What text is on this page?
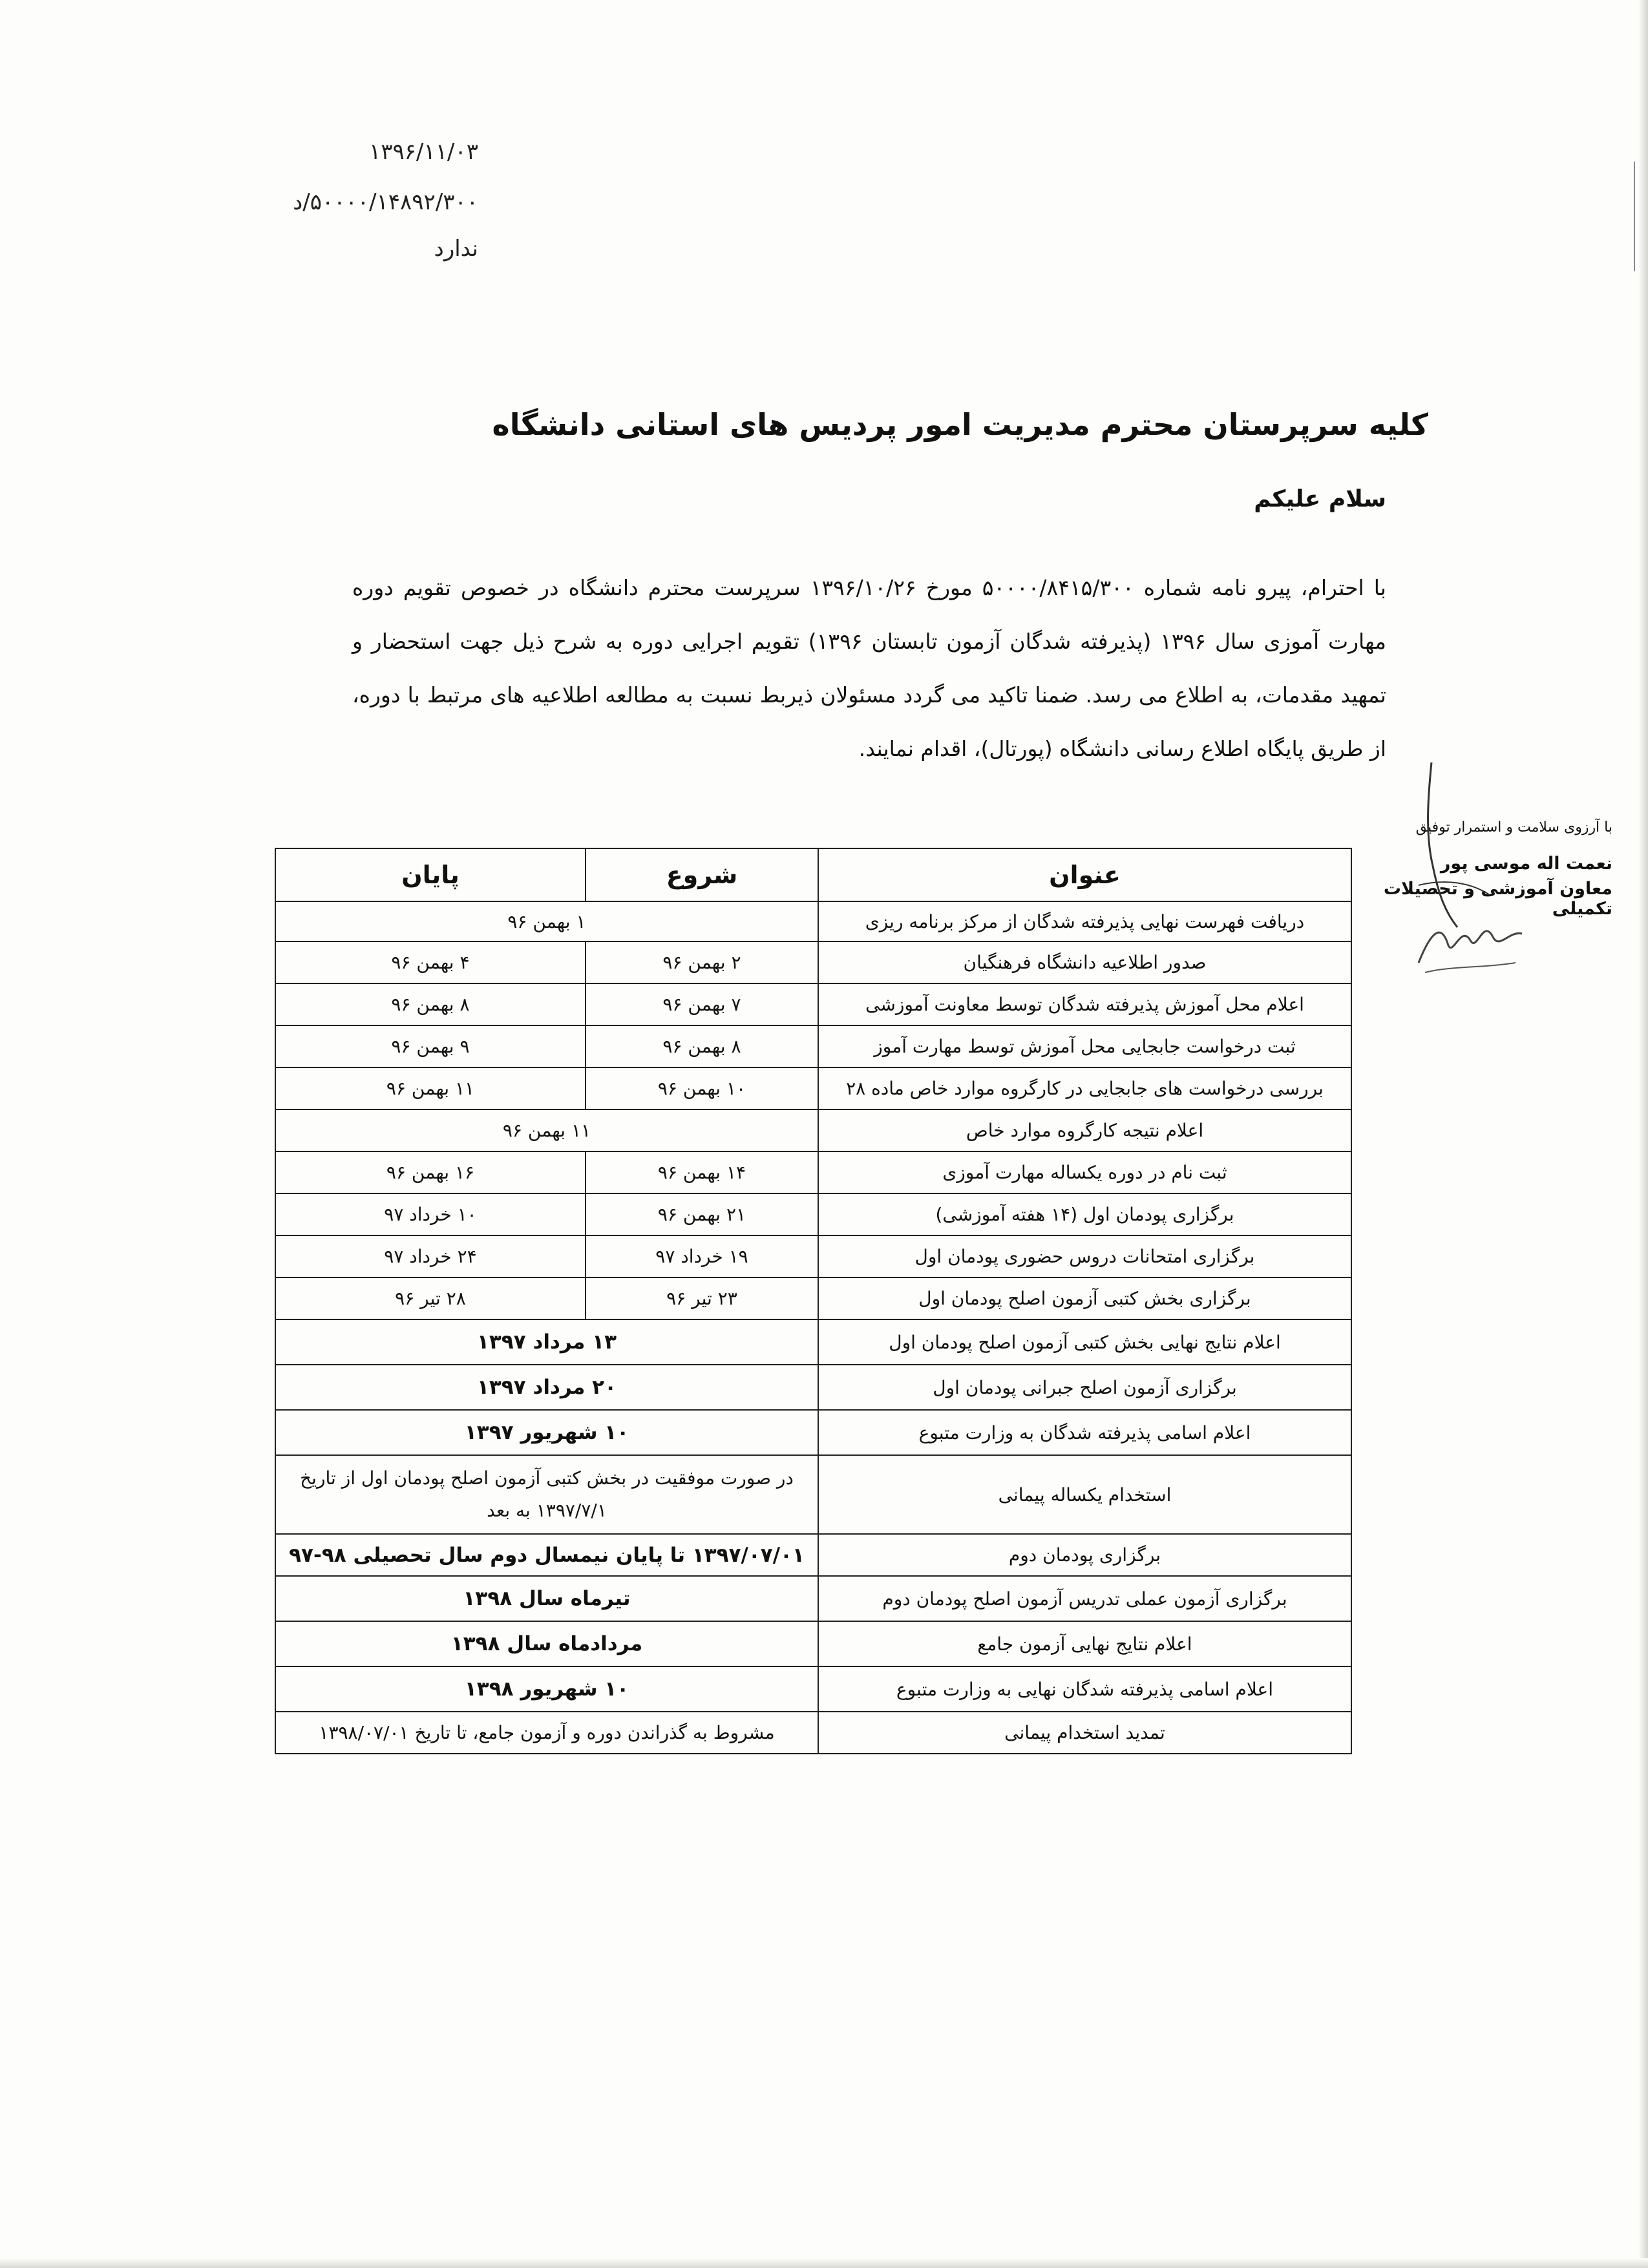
۱۳۹۶/۱۱/۰۳
۵۰۰۰۰/۱۴۸۹۲/۳۰۰/د
ندارد
کلیه سرپرستان محترم مدیریت امور پردیس های استانی دانشگاه
سلام علیکم
با احترام، پیرو نامه شماره ۵۰۰۰۰/۸۴۱۵/۳۰۰ مورخ ۱۳۹۶/۱۰/۲۶ سرپرست محترم دانشگاه در خصوص تقویم دوره مهارت آموزی سال ۱۳۹۶ (پذیرفته شدگان آزمون تابستان ۱۳۹۶) تقویم اجرایی دوره به شرح ذیل جهت استحضار و تمهید مقدمات، به اطلاع می رسد. ضمنا تاکید می گردد مسئولان ذیربط نسبت به مطالعه اطلاعیه های مرتبط با دوره، از طریق پایگاه اطلاع رسانی دانشگاه (پورتال)، اقدام نمایند.
با آرزوی سلامت و استمرار توفیق
نعمت اله موسی پور
معاون آموزشی و تحصیلات تکمیلی
عنوان	شروع	پایان
دریافت فهرست نهایی پذیرفته شدگان از مرکز برنامه ریزی	۱ بهمن ۹۶	
صدور اطلاعیه دانشگاه فرهنگیان	۲ بهمن ۹۶	۴ بهمن ۹۶
اعلام محل آموزش پذیرفته شدگان توسط معاونت آموزشی	۷ بهمن ۹۶	۸ بهمن ۹۶
ثبت درخواست جابجایی محل آموزش توسط مهارت آموز	۸ بهمن ۹۶	۹ بهمن ۹۶
بررسی درخواست های جابجایی در کارگروه موارد خاص ماده ۲۸	۱۰ بهمن ۹۶	۱۱ بهمن ۹۶
اعلام نتیجه کارگروه موارد خاص	۱۱ بهمن ۹۶	
ثبت نام در دوره یکساله مهارت آموزی	۱۴ بهمن ۹۶	۱۶ بهمن ۹۶
برگزاری پودمان اول (۱۴ هفته آموزشی)	۲۱ بهمن ۹۶	۱۰ خرداد ۹۷
برگزاری امتحانات دروس حضوری پودمان اول	۱۹ خرداد ۹۷	۲۴ خرداد ۹۷
برگزاری بخش کتبی آزمون اصلح پودمان اول	۲۳ تیر ۹۶	۲۸ تیر ۹۶
اعلام نتایج نهایی بخش کتبی آزمون اصلح پودمان اول	۱۳ مرداد ۱۳۹۷	
برگزاری آزمون اصلح جبرانی پودمان اول	۲۰ مرداد ۱۳۹۷	
اعلام اسامی پذیرفته شدگان به وزارت متبوع	۱۰ شهریور ۱۳۹۷	
استخدام یکساله پیمانی	در صورت موفقیت در بخش کتبی آزمون اصلح پودمان اول از تاریخ ۱۳۹۷/۷/۱ به بعد	
برگزاری پودمان دوم	۱۳۹۷/۰۷/۰۱ تا پایان نیمسال دوم سال تحصیلی ۹۸-۹۷	
برگزاری آزمون عملی تدریس آزمون اصلح پودمان دوم	تیرماه سال ۱۳۹۸	
اعلام نتایج نهایی آزمون جامع	مردادماه سال ۱۳۹۸	
اعلام اسامی پذیرفته شدگان نهایی به وزارت متبوع	۱۰ شهریور ۱۳۹۸	
تمدید استخدام پیمانی	مشروط به گذراندن دوره و آزمون جامع، تا تاریخ ۱۳۹۸/۰۷/۰۱	
